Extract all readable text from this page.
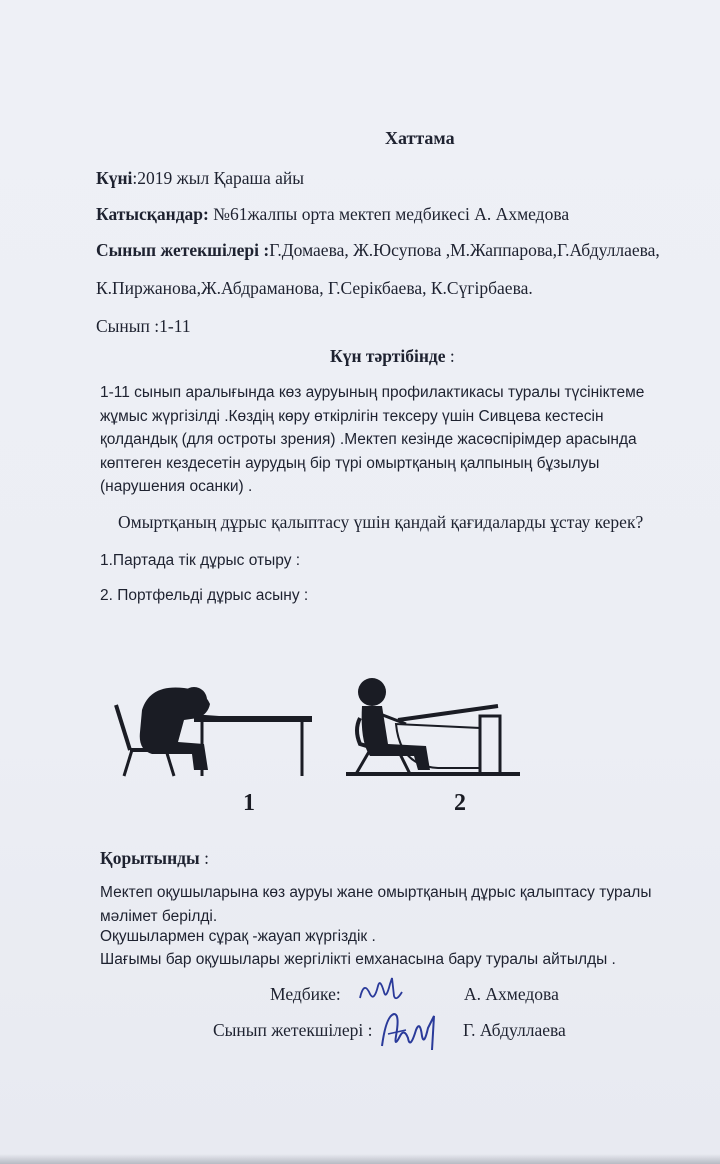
Хаттама
Күні:2019 жыл Қараша айы
Катысқандар: №61жалпы орта мектеп медбикесі А. Ахмедова
Сынып жетекшілері :Г.Домаева, Ж.Юсупова ,М.Жаппарова,Г.Абдуллаева,
К.Пиржанова,Ж.Абдраманова, Г.Серікбаева, К.Сүгірбаева.
Сынып :1-11
Күн тәртібінде :
1-11 сынып аралығында көз ауруының профилактикасы туралы түсініктеме жұмыс жүргізілді .Көздің көру өткірлігін тексеру үшін Сивцева кестесін қолдандық (для остроты зрения) .Мектеп кезінде жасөспірімдер арасында көптеген кездесетін аурудың бір түрі омыртқаның қалпының бұзылуы (нарушения осанки) .
Омыртқаның дұрыс қалыптасу үшін қандай қағидаларды ұстау керек?
1.Партада тік дұрыс отыру :
2. Портфельді дұрыс асыну :
1	2
Қорытынды :
Мектеп оқушыларына көз ауруы жане омыртқаның дұрыс қалыптасу туралы мәлімет берілді.
Оқушылармен сұрақ -жауап жүргіздік .
Шағымы бар оқушылары жергілікті емханасына бару туралы айтылды .
Медбике:	А. Ахмедова
Сынып жетекшілері :	Г. Абдуллаева
